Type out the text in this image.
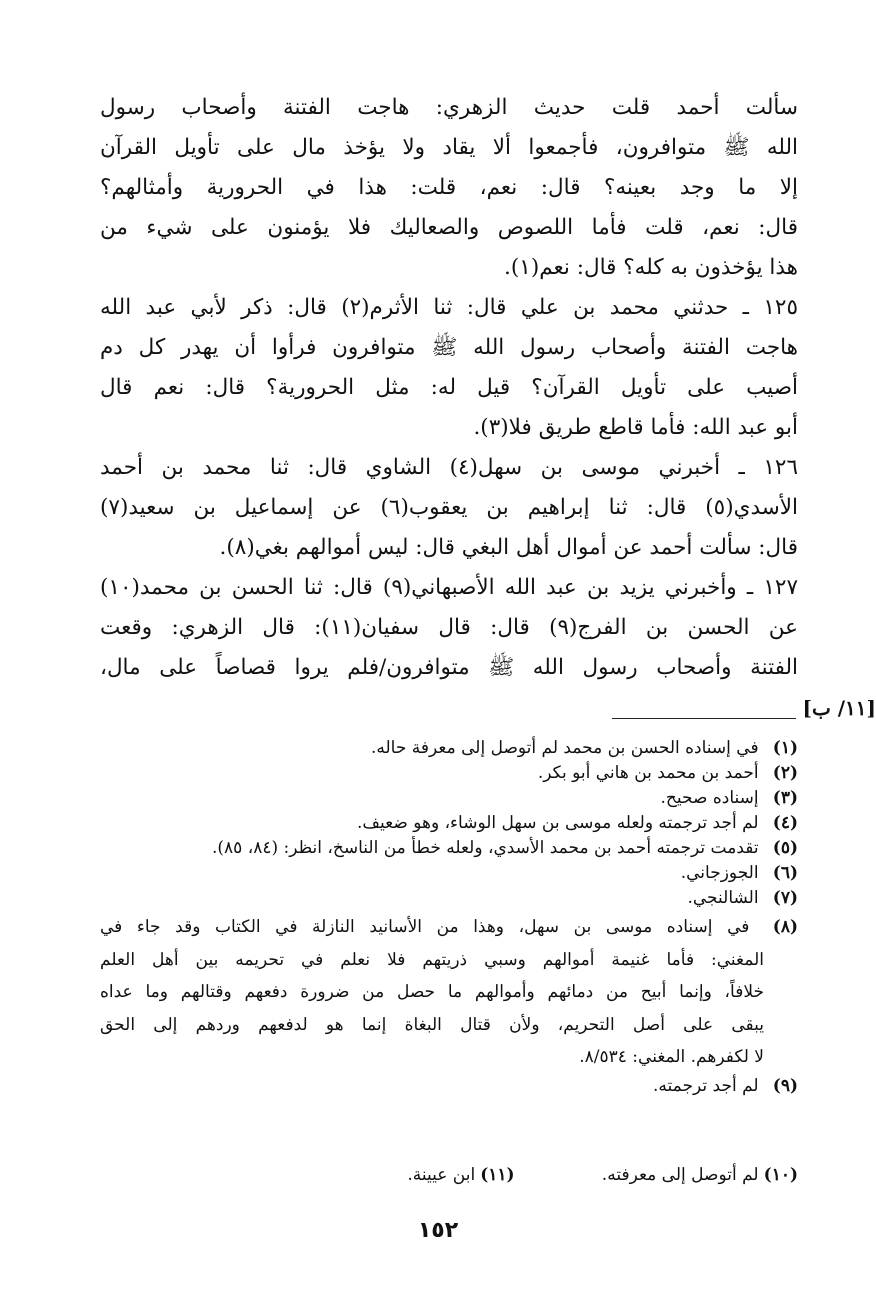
سألت أحمد قلت حديث الزهري: هاجت الفتنة وأصحاب رسول
الله ﷺ متوافرون، فأجمعوا ألا يقاد ولا يؤخذ مال على تأويل القرآن
إلا ما وجد بعينه؟ قال: نعم، قلت: هذا في الحرورية وأمثالهم؟
قال: نعم، قلت فأما اللصوص والصعاليك فلا يؤمنون على شيء من
هذا يؤخذون به كله؟ قال: نعم(١).
١٢٥ ـ حدثني محمد بن علي قال: ثنا الأثرم(٢) قال: ذكر لأبي عبد الله
هاجت الفتنة وأصحاب رسول الله ﷺ متوافرون فرأوا أن يهدر كل دم
أصيب على تأويل القرآن؟ قيل له: مثل الحرورية؟ قال: نعم قال
أبو عبد الله: فأما قاطع طريق فلا(٣).
١٢٦ ـ أخبرني موسى بن سهل(٤) الشاوي قال: ثنا محمد بن أحمد
الأسدي(٥) قال: ثنا إبراهيم بن يعقوب(٦) عن إسماعيل بن سعيد(٧)
قال: سألت أحمد عن أموال أهل البغي قال: ليس أموالهم بغي(٨).
١٢٧ ـ وأخبرني يزيد بن عبد الله الأصبهاني(٩) قال: ثنا الحسن بن محمد(١٠)
عن الحسن بن الفرج(٩) قال: قال سفيان(١١): قال الزهري: وقعت
الفتنة وأصحاب رسول الله ﷺ متوافرون/فلم يروا قصاصاً على مال،
[١١/ ب]
(١) في إسناده الحسن بن محمد لم أتوصل إلى معرفة حاله.
(٢) أحمد بن محمد بن هاني أبو بكر.
(٣) إسناده صحيح.
(٤) لم أجد ترجمته ولعله موسى بن سهل الوشاء، وهو ضعيف.
(٥) تقدمت ترجمته أحمد بن محمد الأسدي، ولعله خطأ من الناسخ، انظر: (٨٤، ٨٥).
(٦) الجوزجاني.
(٧) الشالنجي.
(٨) في إسناده موسى بن سهل، وهذا من الأسانيد النازلة في الكتاب وقد جاء في
المغني: فأما غنيمة أموالهم وسبي ذريتهم فلا نعلم في تحريمه بين أهل العلم
خلافاً، وإنما أبيح من دمائهم وأموالهم ما حصل من ضرورة دفعهم وقتالهم وما عداه
يبقى على أصل التحريم، ولأن قتال البغاة إنما هو لدفعهم وردهم إلى الحق
لا لكفرهم. المغني: ٨/٥٣٤.
(٩) لم أجد ترجمته.
(١٠) لم أتوصل إلى معرفته. (١١) ابن عيينة.
١٥٢
